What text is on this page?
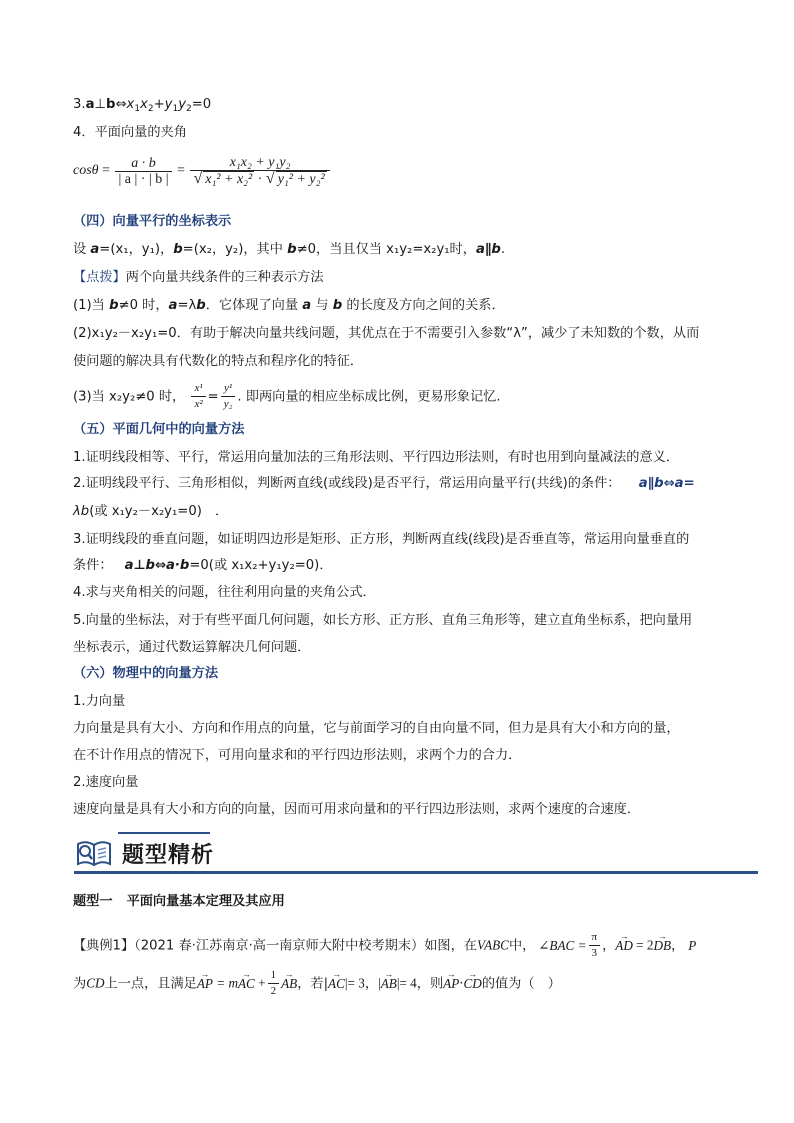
$3.a\perp b\Leftrightarrow x_1x_2+y_1y_2=0$
4．平面向量的夹角
$\cos\theta = \frac{a \cdot b}{| a | \cdot | b |} = \frac{\text{x₁x₂ + y₁y₂}}{\text{√ x₁² + x₂² · √ y₁² + y₂²}}$
（四）向量平行的坐标表示
设 a=(x₁，y₁)，b=(x₂，y₂)，其中 b≠0，当且仅当 x₁y₂=x₂y₁时，a∥b.
【点拨】两个向量共线条件的三种表示方法
(1)当 b≠0 时，a=λb．它体现了向量 a 与 b 的长度及方向之间的关系．
(2)x₁y₂－x₂y₁=0．有助于解决向量共线问题，其优点在于不需要引入参数“λ”，减少了未知数的个数，从而
使问题的解决具有代数化的特点和程序化的特征．
(3)当 x₂y₂≠0 时， $\frac{\text{x¹}}{\text{x²}} = \frac{\text{y¹}}{\text{y₂}}$ . 即两向量的相应坐标成比例，更易形象记忆.
（五）平面几何中的向量方法
1.证明线段相等、平行，常运用向量加法的三角形法则、平行四边形法则，有时也用到向量减法的意义．
2.证明线段平行、三角形相似，判断两直线(或线段)是否平行，常运用向量平行(共线)的条件： a∥b⇔a=
λb(或 x₁y₂－x₂y₁=0)　．
3.证明线段的垂直问题，如证明四边形是矩形、正方形，判断两直线(线段)是否垂直等，常运用向量垂直的
条件： a⊥b⇔a·b=0(或 x₁x₂+y₁y₂=0)．
4.求与夹角相关的问题，往往利用向量的夹角公式．
5.向量的坐标法，对于有些平面几何问题，如长方形、正方形、直角三角形等，建立直角坐标系，把向量用
坐标表示，通过代数运算解决几何问题．
（六）物理中的向量方法
1.力向量
力向量是具有大小、方向和作用点的向量，它与前面学习的自由向量不同，但力是具有大小和方向的量，
在不计作用点的情况下，可用向量求和的平行四边形法则，求两个力的合力．
2.速度向量
速度向量是具有大小和方向的向量，因而可用求向量和的平行四边形法则，求两个速度的合速度．
题型精析
题型一 平面向量基本定理及其应用
【典例1】（2021 春·江苏南京·高一南京师大附中校考期末）如图，在VABC中， ∠BAC = $\frac{\pi}{3}$ ，→ AD = 2→ DB， P
为CD上一点，且满足→ AP = m→ AC + $\frac{1}{2}$
→ AB，若|→ AC|= 3，|→ AB|= 4，则→ AP·→ CD的值为（　）
